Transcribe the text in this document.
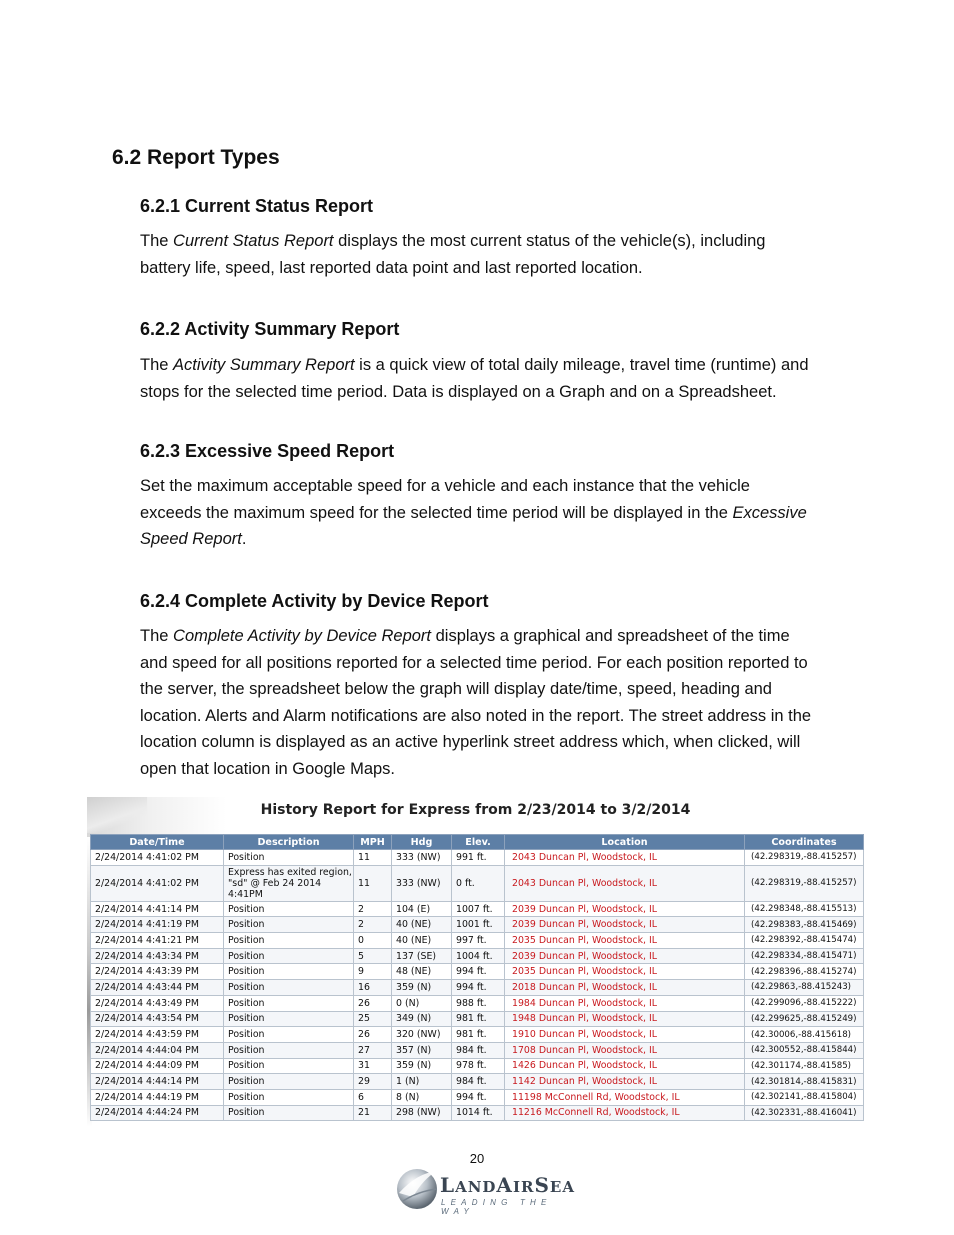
6.2 Report Types
6.2.1 Current Status Report
The Current Status Report displays the most current status of the vehicle(s), including
battery life, speed, last reported data point and last reported location.
6.2.2 Activity Summary Report
The Activity Summary Report is a quick view of total daily mileage, travel time (runtime) and
stops for the selected time period. Data is displayed on a Graph and on a Spreadsheet.
6.2.3 Excessive Speed Report
Set the maximum acceptable speed for a vehicle and each instance that the vehicle
exceeds the maximum speed for the selected time period will be displayed in the Excessive
Speed Report.
6.2.4 Complete Activity by Device Report
The Complete Activity by Device Report displays a graphical and spreadsheet of the time
and speed for all positions reported for a selected time period. For each position reported to
the server, the spreadsheet below the graph will display date/time, speed, heading and
location. Alerts and Alarm notifications are also noted in the report. The street address in the
location column is displayed as an active hyperlink street address which, when clicked, will
open that location in Google Maps.
History Report for Express from 2/23/2014 to 3/2/2014
Date/Time	Description	MPH	Hdg	Elev.	Location	Coordinates
2/24/2014 4:41:02 PM	Position	11	333 (NW)	991 ft.	2043 Duncan Pl, Woodstock, IL	(42.298319,-88.415257)
2/24/2014 4:41:02 PM	Express has exited region, "sd" @ Feb 24 2014 4:41PM	11	333 (NW)	0 ft.	2043 Duncan Pl, Woodstock, IL	(42.298319,-88.415257)
2/24/2014 4:41:14 PM	Position	2	104 (E)	1007 ft.	2039 Duncan Pl, Woodstock, IL	(42.298348,-88.415513)
2/24/2014 4:41:19 PM	Position	2	40 (NE)	1001 ft.	2039 Duncan Pl, Woodstock, IL	(42.298383,-88.415469)
2/24/2014 4:41:21 PM	Position	0	40 (NE)	997 ft.	2035 Duncan Pl, Woodstock, IL	(42.298392,-88.415474)
2/24/2014 4:43:34 PM	Position	5	137 (SE)	1004 ft.	2039 Duncan Pl, Woodstock, IL	(42.298334,-88.415471)
2/24/2014 4:43:39 PM	Position	9	48 (NE)	994 ft.	2035 Duncan Pl, Woodstock, IL	(42.298396,-88.415274)
2/24/2014 4:43:44 PM	Position	16	359 (N)	994 ft.	2018 Duncan Pl, Woodstock, IL	(42.29863,-88.415243)
2/24/2014 4:43:49 PM	Position	26	0 (N)	988 ft.	1984 Duncan Pl, Woodstock, IL	(42.299096,-88.415222)
2/24/2014 4:43:54 PM	Position	25	349 (N)	981 ft.	1948 Duncan Pl, Woodstock, IL	(42.299625,-88.415249)
2/24/2014 4:43:59 PM	Position	26	320 (NW)	981 ft.	1910 Duncan Pl, Woodstock, IL	(42.30006,-88.415618)
2/24/2014 4:44:04 PM	Position	27	357 (N)	984 ft.	1708 Duncan Pl, Woodstock, IL	(42.300552,-88.415844)
2/24/2014 4:44:09 PM	Position	31	359 (N)	978 ft.	1426 Duncan Pl, Woodstock, IL	(42.301174,-88.41585)
2/24/2014 4:44:14 PM	Position	29	1 (N)	984 ft.	1142 Duncan Pl, Woodstock, IL	(42.301814,-88.415831)
2/24/2014 4:44:19 PM	Position	6	8 (N)	994 ft.	11198 McConnell Rd, Woodstock, IL	(42.302141,-88.415804)
2/24/2014 4:44:24 PM	Position	21	298 (NW)	1014 ft.	11216 McConnell Rd, Woodstock, IL	(42.302331,-88.416041)
20
LANDAIRSEA
LEADING THE WAY
